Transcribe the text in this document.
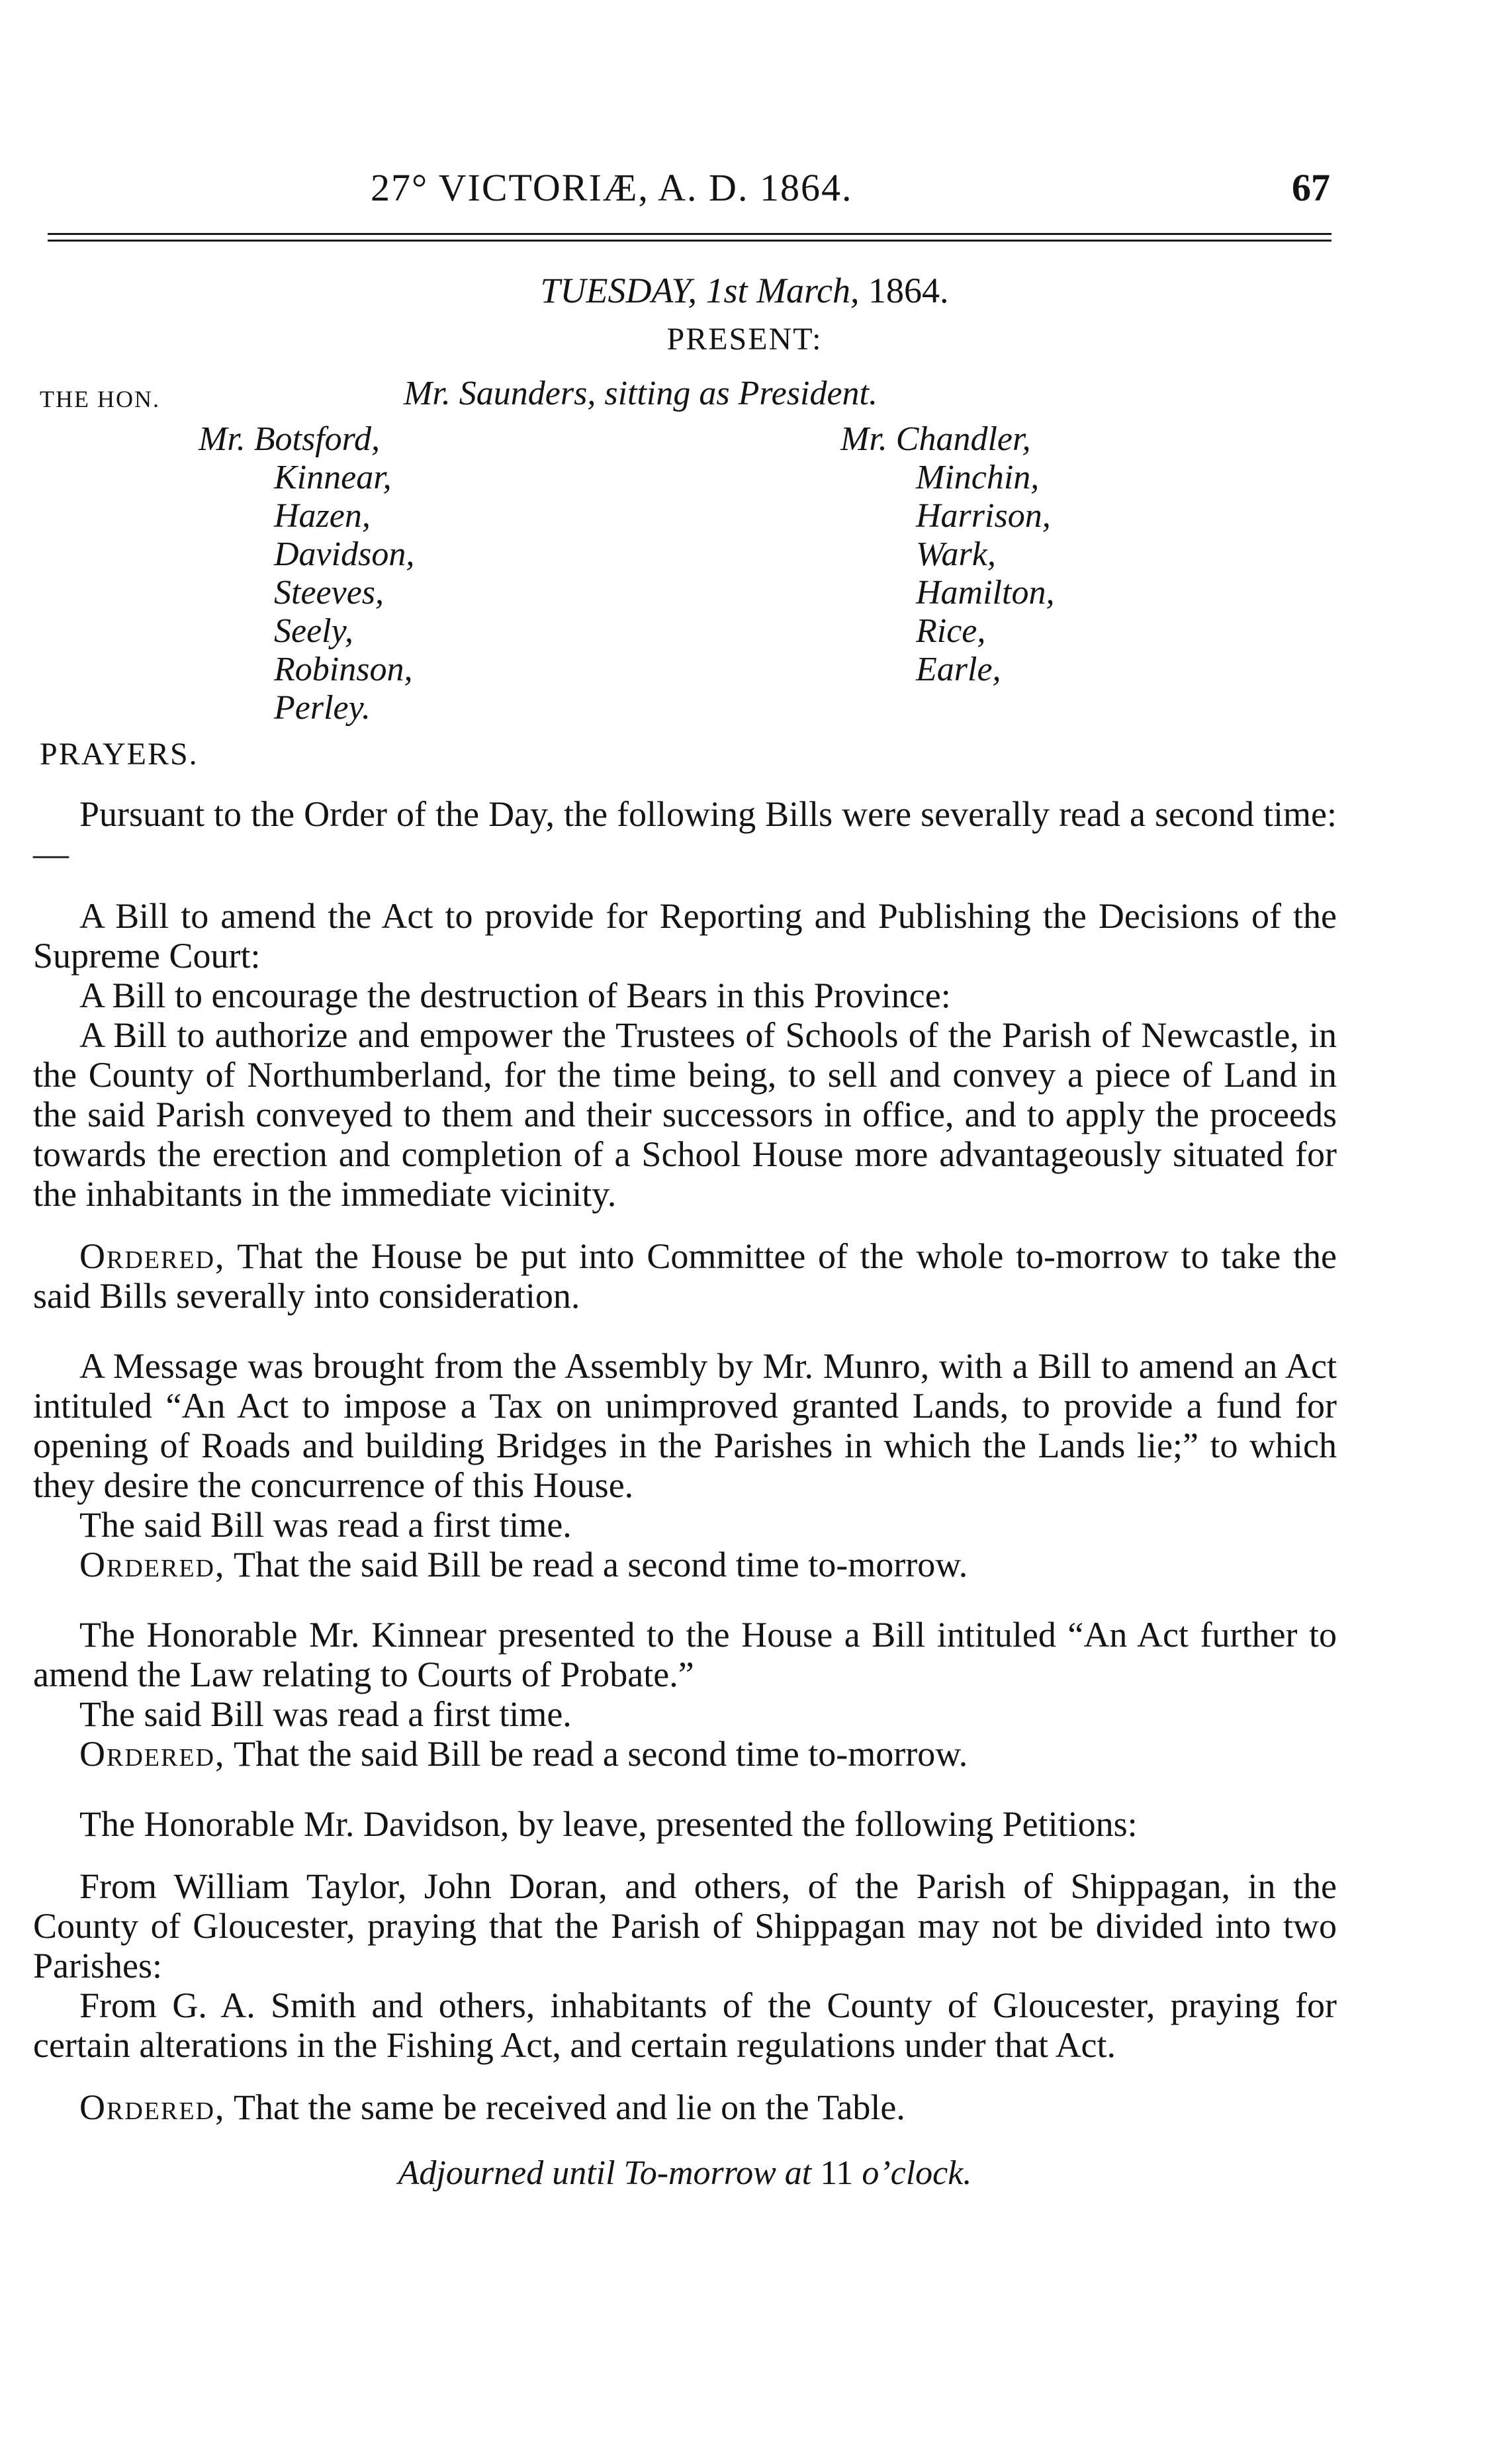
27° VICTORIÆ, A. D. 1864.	67
TUESDAY, 1st March, 1864.
PRESENT:
THE HON.	Mr. Saunders, sitting as President.
Mr. Botsford,
Kinnear,
Hazen,
Davidson,
Steeves,
Seely,
Robinson,
Perley.
Mr. Chandler,
Minchin,
Harrison,
Wark,
Hamilton,
Rice,
Earle,

PRAYERS.

Pursuant to the Order of the Day, the following Bills were severally read a second time:—

A Bill to amend the Act to provide for Reporting and Publishing the Decisions of the Supreme Court:

A Bill to encourage the destruction of Bears in this Province:

A Bill to authorize and empower the Trustees of Schools of the Parish of Newcastle, in the County of Northumberland, for the time being, to sell and convey a piece of Land in the said Parish conveyed to them and their successors in office, and to apply the proceeds towards the erection and completion of a School House more advantageously situated for the inhabitants in the immediate vicinity.

Ordered, That the House be put into Committee of the whole to-morrow to take the said Bills severally into consideration.

A Message was brought from the Assembly by Mr. Munro, with a Bill to amend an Act intituled “An Act to impose a Tax on unimproved granted Lands, to provide a fund for opening of Roads and building Bridges in the Parishes in which the Lands lie;” to which they desire the concurrence of this House.

The said Bill was read a first time.

Ordered, That the said Bill be read a second time to-morrow.

The Honorable Mr. Kinnear presented to the House a Bill intituled “An Act further to amend the Law relating to Courts of Probate.”

The said Bill was read a first time.

Ordered, That the said Bill be read a second time to-morrow.

The Honorable Mr. Davidson, by leave, presented the following Petitions:

From William Taylor, John Doran, and others, of the Parish of Shippagan, in the County of Gloucester, praying that the Parish of Shippagan may not be divided into two Parishes:

From G. A. Smith and others, inhabitants of the County of Gloucester, praying for certain alterations in the Fishing Act, and certain regulations under that Act.

Ordered, That the same be received and lie on the Table.

Adjourned until To-morrow at 11 o’clock.
